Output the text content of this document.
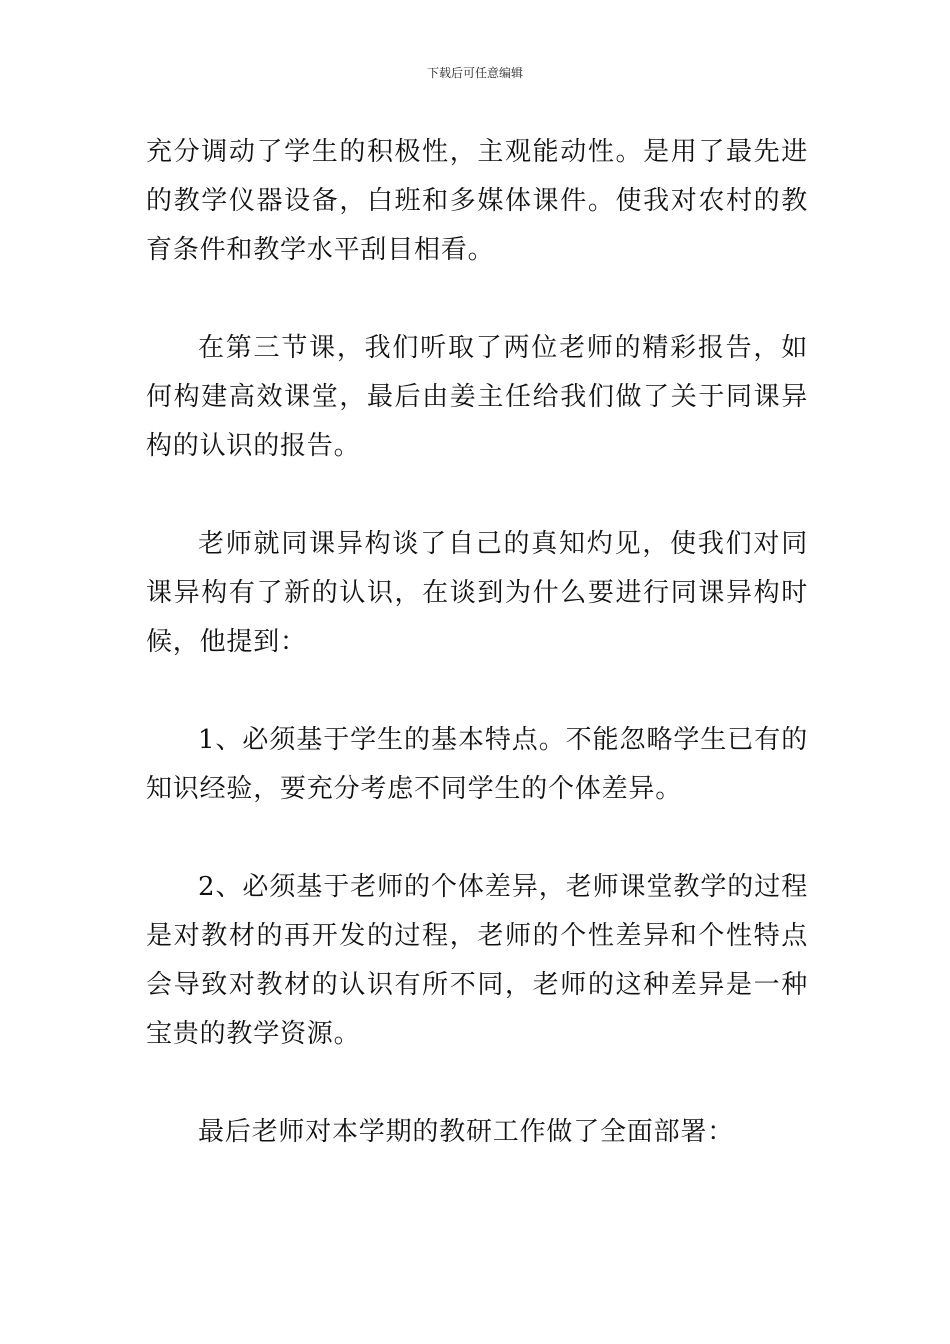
下载后可任意编辑

充分调动了学生的积极性，主观能动性。是用了最先进的教学仪器设备，白班和多媒体课件。使我对农村的教育条件和教学水平刮目相看。

在第三节课，我们听取了两位老师的精彩报告，如何构建高效课堂，最后由姜主任给我们做了关于同课异构的认识的报告。

老师就同课异构谈了自己的真知灼见，使我们对同课异构有了新的认识，在谈到为什么要进行同课异构时候，他提到：

1、必须基于学生的基本特点。不能忽略学生已有的知识经验，要充分考虑不同学生的个体差异。

2、必须基于老师的个体差异，老师课堂教学的过程是对教材的再开发的过程，老师的个性差异和个性特点会导致对教材的认识有所不同，老师的这种差异是一种宝贵的教学资源。

最后老师对本学期的教研工作做了全面部署：
